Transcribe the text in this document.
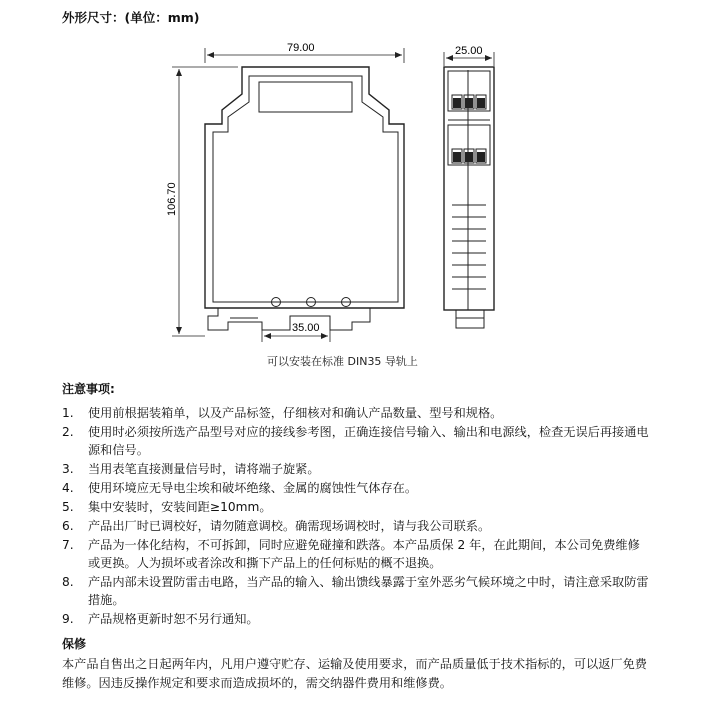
外形尺寸：(单位：mm)
79.00
106.70
35.00
25.00
可以安装在标准 DIN35 导轨上
注意事项:
1. 使用前根据装箱单，以及产品标签，仔细核对和确认产品数量、型号和规格。
2. 使用时必须按所选产品型号对应的接线参考图，正确连接信号输入、输出和电源线，检查无误后再接通电源和信号。
3. 当用表笔直接测量信号时，请将端子旋紧。
4. 使用环境应无导电尘埃和破坏绝缘、金属的腐蚀性气体存在。
5. 集中安装时，安装间距≥10mm。
6. 产品出厂时已调校好，请勿随意调校。确需现场调校时，请与我公司联系。
7. 产品为一体化结构，不可拆卸，同时应避免碰撞和跌落。本产品质保 2 年，在此期间，本公司免费维修或更换。人为损坏或者涂改和撕下产品上的任何标贴的概不退换。
8. 产品内部未设置防雷击电路，当产品的输入、输出馈线暴露于室外恶劣气候环境之中时，请注意采取防雷措施。
9. 产品规格更新时恕不另行通知。
保修
本产品自售出之日起两年内，凡用户遵守贮存、运输及使用要求，而产品质量低于技术指标的，可以返厂免费维修。因违反操作规定和要求而造成损坏的，需交纳器件费用和维修费。
